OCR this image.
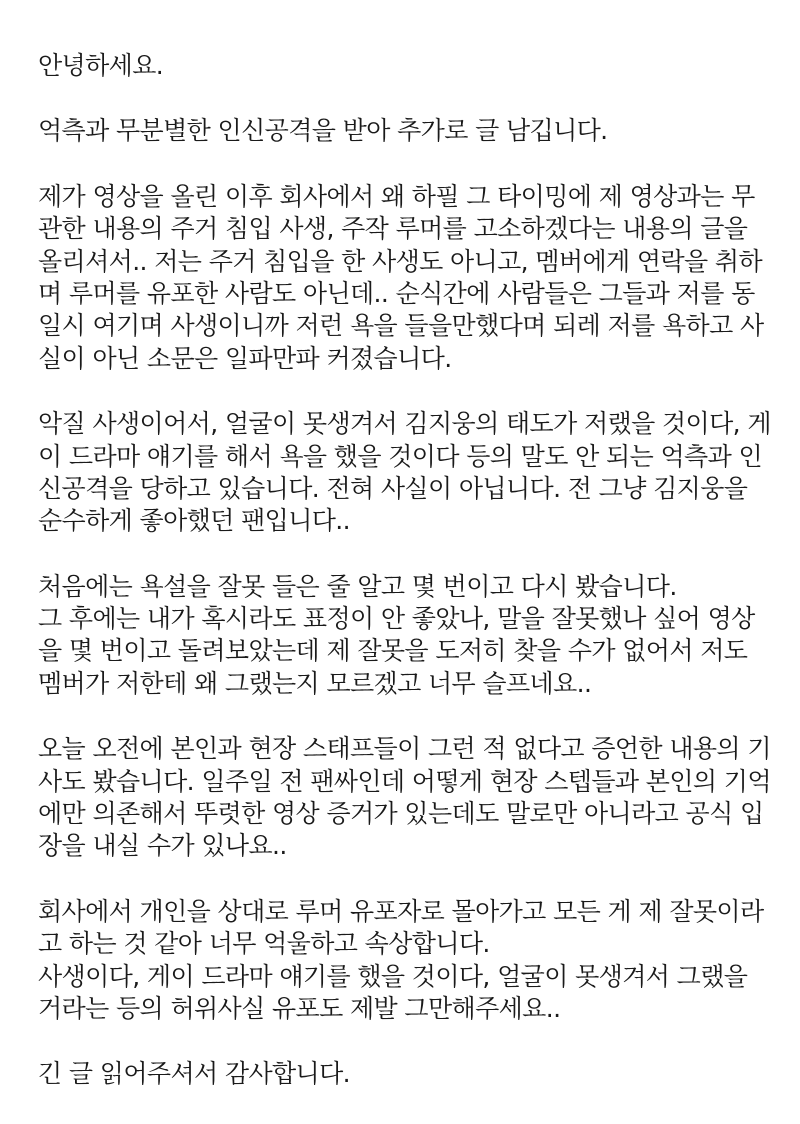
안녕하세요.

억측과 무분별한 인신공격을 받아 추가로 글 남깁니다.

제가 영상을 올린 이후 회사에서 왜 하필 그 타이밍에 제 영상과는 무
관한 내용의 주거 침입 사생, 주작 루머를 고소하겠다는 내용의 글을
올리셔서.. 저는 주거 침입을 한 사생도 아니고, 멤버에게 연락을 취하
며 루머를 유포한 사람도 아닌데.. 순식간에 사람들은 그들과 저를 동
일시 여기며 사생이니까 저런 욕을 들을만했다며 되레 저를 욕하고 사
실이 아닌 소문은 일파만파 커졌습니다.

악질 사생이어서, 얼굴이 못생겨서 김지웅의 태도가 저랬을 것이다, 게
이 드라마 얘기를 해서 욕을 했을 것이다 등의 말도 안 되는 억측과 인
신공격을 당하고 있습니다. 전혀 사실이 아닙니다. 전 그냥 김지웅을
순수하게 좋아했던 팬입니다..

처음에는 욕설을 잘못 들은 줄 알고 몇 번이고 다시 봤습니다.
그 후에는 내가 혹시라도 표정이 안 좋았나, 말을 잘못했나 싶어 영상
을 몇 번이고 돌려보았는데 제 잘못을 도저히 찾을 수가 없어서 저도
멤버가 저한테 왜 그랬는지 모르겠고 너무 슬프네요..

오늘 오전에 본인과 현장 스태프들이 그런 적 없다고 증언한 내용의 기
사도 봤습니다. 일주일 전 팬싸인데 어떻게 현장 스텝들과 본인의 기억
에만 의존해서 뚜렷한 영상 증거가 있는데도 말로만 아니라고 공식 입
장을 내실 수가 있나요..

회사에서 개인을 상대로 루머 유포자로 몰아가고 모든 게 제 잘못이라
고 하는 것 같아 너무 억울하고 속상합니다.
사생이다, 게이 드라마 얘기를 했을 것이다, 얼굴이 못생겨서 그랬을
거라는 등의 허위사실 유포도 제발 그만해주세요..

긴 글 읽어주셔서 감사합니다.
